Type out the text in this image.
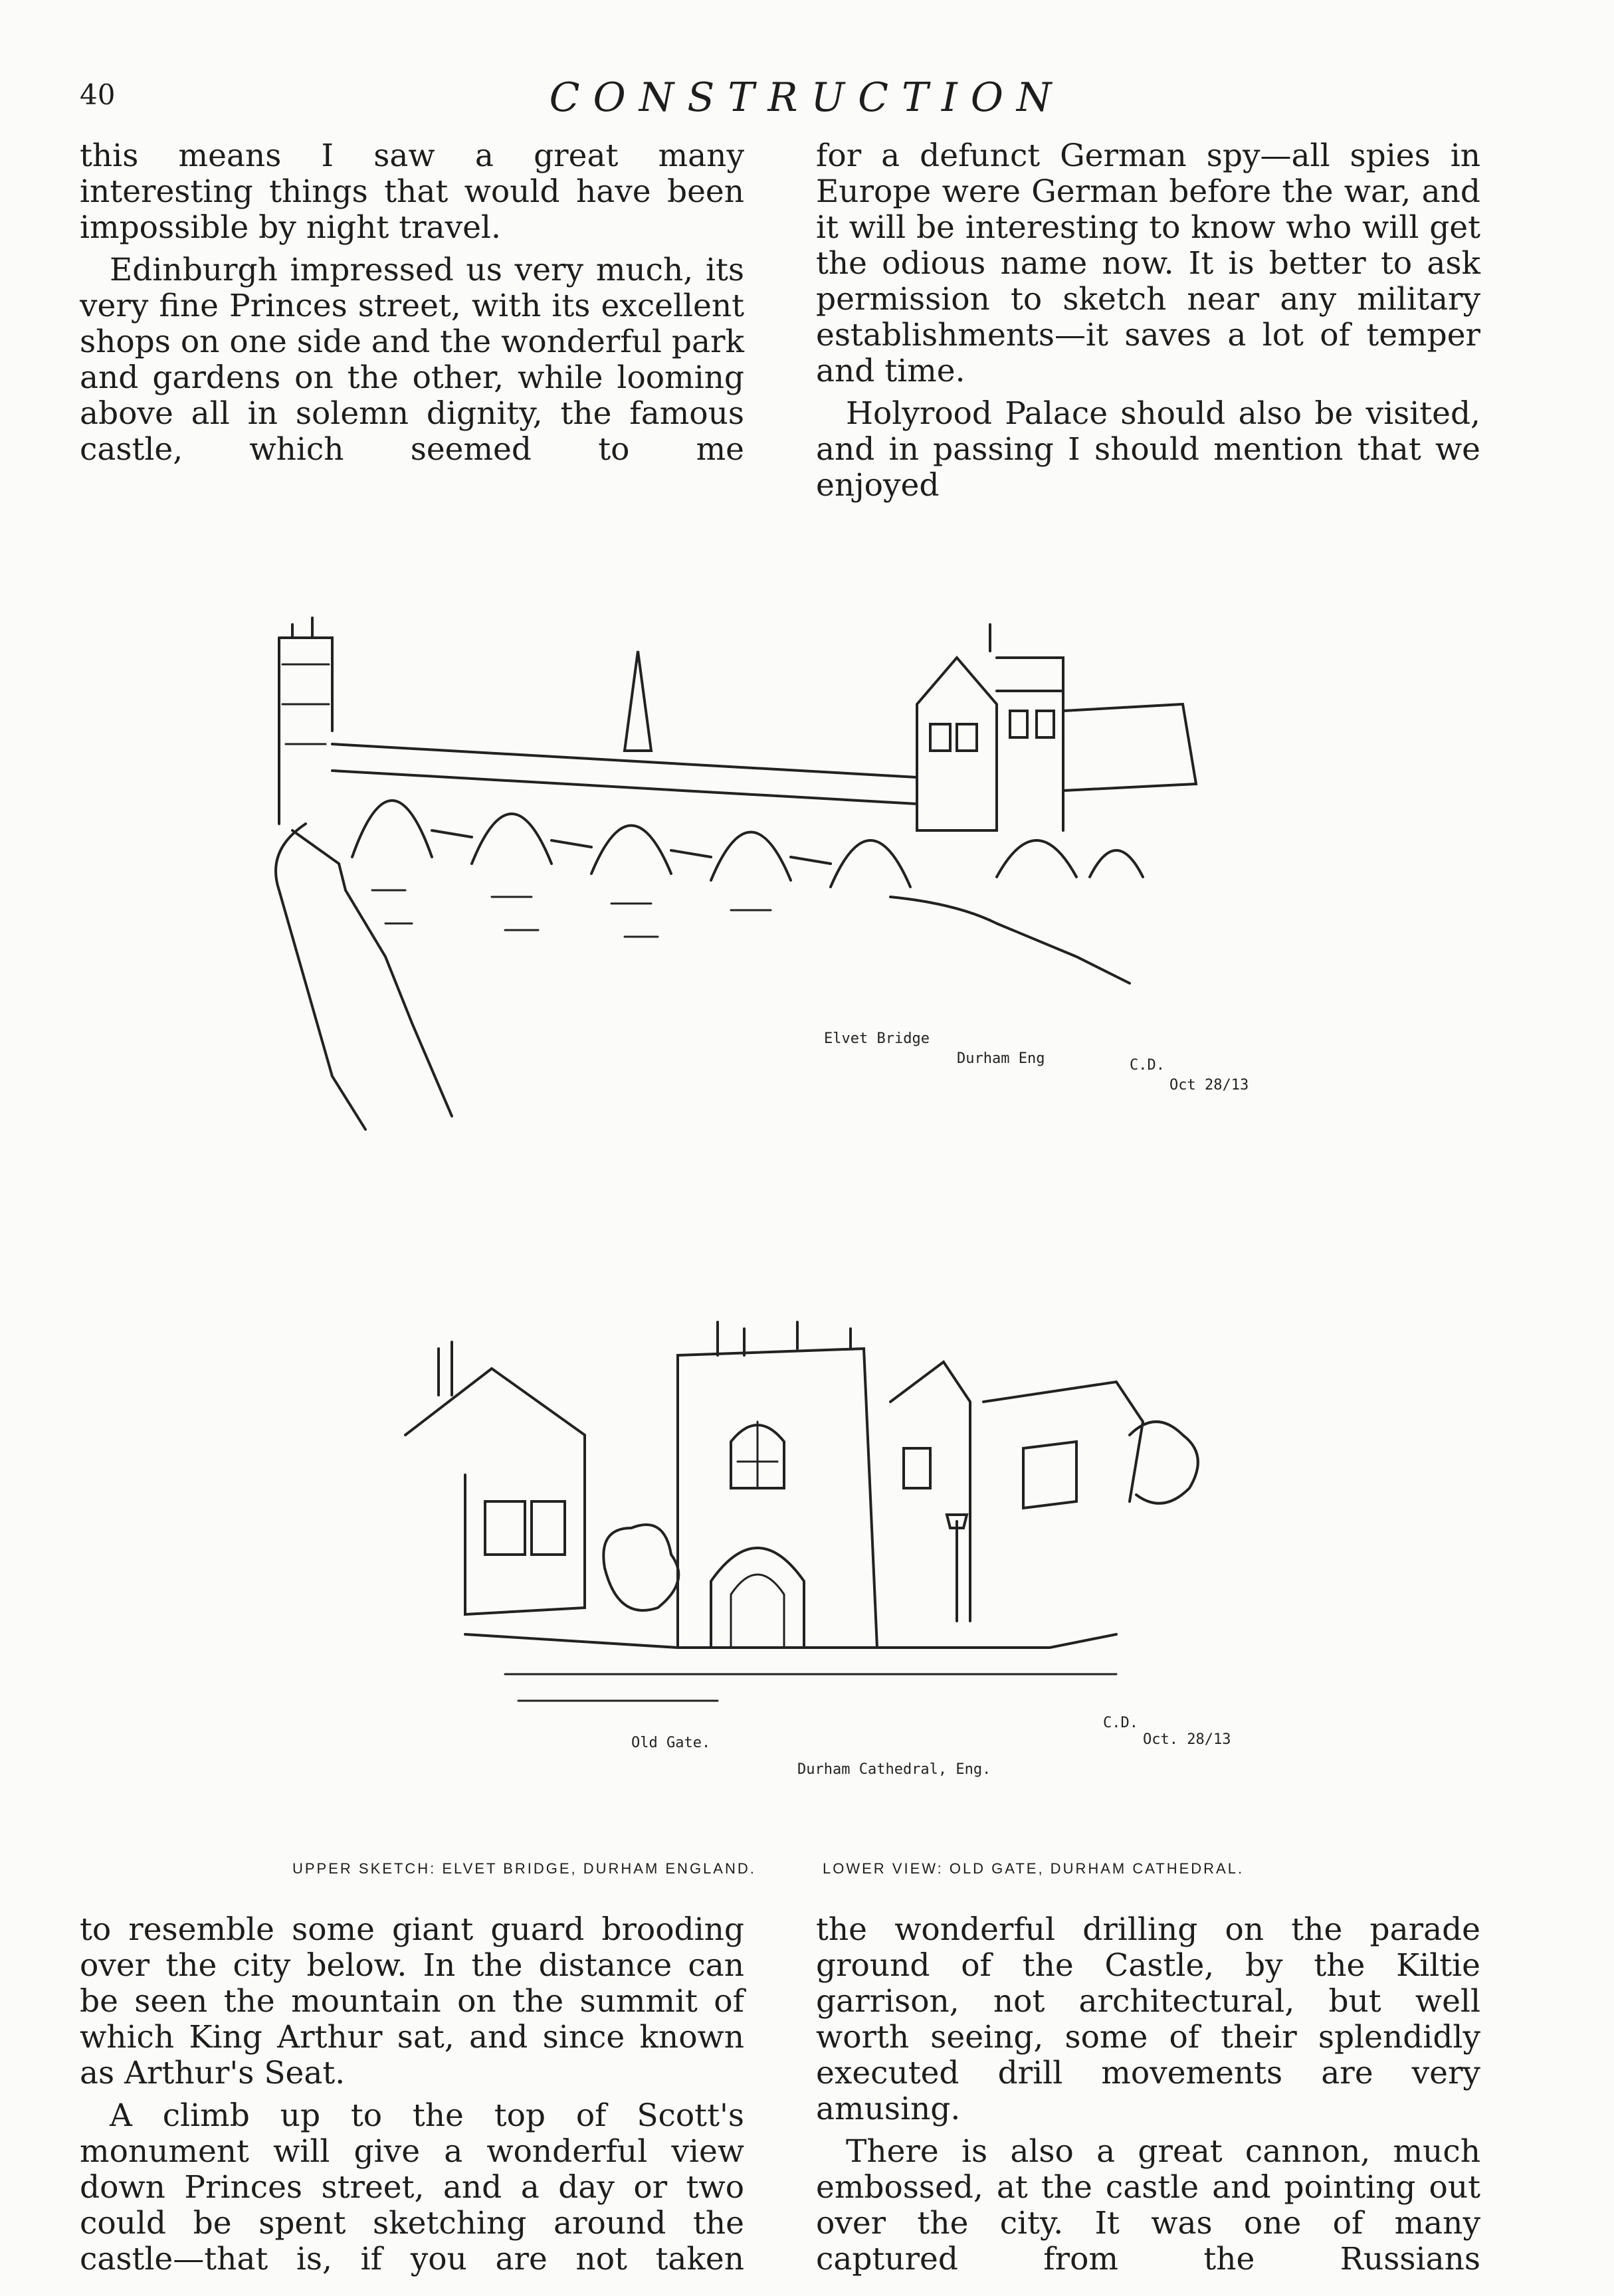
40	CONSTRUCTION

this means I saw a great many interesting things that would have been impossible by night travel.

Edinburgh impressed us very much, its very fine Princes street, with its excellent shops on one side and the wonderful park and gardens on the other, while looming above all in solemn dignity, the famous castle, which seemed to me

for a defunct German spy—all spies in Europe were German before the war, and it will be interesting to know who will get the odious name now. It is better to ask permission to sketch near any military establishments—it saves a lot of temper and time.

Holyrood Palace should also be visited, and in passing I should mention that we enjoyed

Elvet Bridge
Durham Eng	C.D.
Oct 28/13
Old Gate.
Durham Cathedral, Eng.
C.D.
Oct. 28/13
UPPER SKETCH: ELVET BRIDGE, DURHAM ENGLAND.	LOWER VIEW: OLD GATE, DURHAM CATHEDRAL.

to resemble some giant guard brooding over the city below. In the distance can be seen the mountain on the summit of which King Arthur sat, and since known as Arthur's Seat.

A climb up to the top of Scott's monument will give a wonderful view down Princes street, and a day or two could be spent sketching around the castle—that is, if you are not taken

the wonderful drilling on the parade ground of the Castle, by the Kiltie garrison, not architectural, but well worth seeing, some of their splendidly executed drill movements are very amusing.

There is also a great cannon, much embossed, at the castle and pointing out over the city. It was one of many captured from the Russians
